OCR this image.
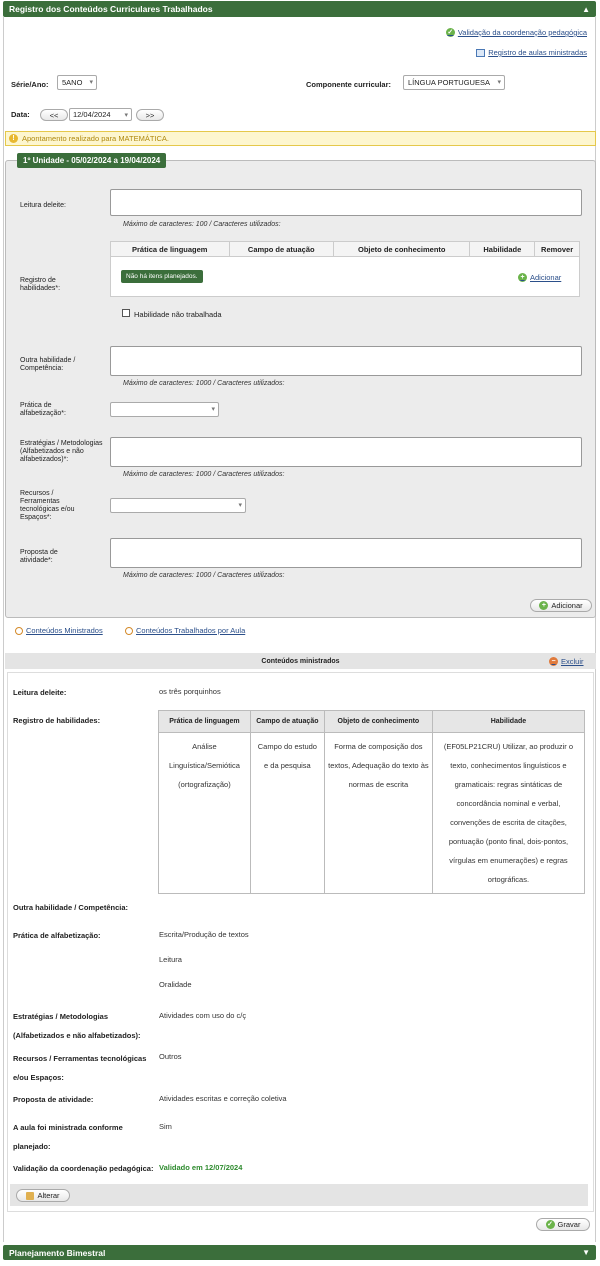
Registro dos Conteúdos Curriculares Trabalhados	▲
✓ Validação da coordenação pedagógica
Registro de aulas ministradas
Série/Ano:	5ANO ▾	Componente curricular:	LÍNGUA PORTUGUESA ▾
Data:	<<	12/04/2024 ▾	>>
! Apontamento realizado para MATEMÁTICA.
1º Unidade - 05/02/2024 a 19/04/2024
Leitura deleite:
Máximo de caracteres: 100 / Caracteres utilizados:
Registro de habilidades*:
Prática de linguagem	Campo de atuação	Objeto de conhecimento	Habilidade	Remover
Não há itens planejados.	+ Adicionar
Habilidade não trabalhada
Outra habilidade / Competência:
Máximo de caracteres: 1000 / Caracteres utilizados:
Prática de alfabetização*:
▾
Estratégias / Metodologias (Alfabetizados e não alfabetizados)*:
Máximo de caracteres: 1000 / Caracteres utilizados:
Recursos / Ferramentas tecnológicas e/ou Espaços*:
▾
Proposta de atividade*:
Máximo de caracteres: 1000 / Caracteres utilizados:
+ Adicionar
Conteúdos Ministrados	Conteúdos Trabalhados por Aula
Conteúdos ministrados	− Excluir
Leitura deleite:	os três porquinhos
Registro de habilidades:	Prática de linguagem	Campo de atuação	Objeto de conhecimento	Habilidade
Análise Linguística/Semiótica (ortografização)	Campo do estudo e da pesquisa	Forma de composição dos textos, Adequação do texto às normas de escrita	(EF05LP21CRU) Utilizar, ao produzir o texto, conhecimentos linguísticos e gramaticais: regras sintáticas de concordância nominal e verbal, convenções de escrita de citações, pontuação (ponto final, dois-pontos, vírgulas em enumerações) e regras ortográficas.
Outra habilidade / Competência:
Prática de alfabetização:	Escrita/Produção de textos
Leitura
Oralidade
Estratégias / Metodologias
(Alfabetizados e não alfabetizados):
Atividades com uso do c/ç
Recursos / Ferramentas tecnológicas
e/ou Espaços:
Outros
Proposta de atividade:	Atividades escritas e correção coletiva
A aula foi ministrada conforme
planejado:
Sim
Validação da coordenação pedagógica: Validado em 12/07/2024
Alterar
✓ Gravar
Planejamento Bimestral	▼
